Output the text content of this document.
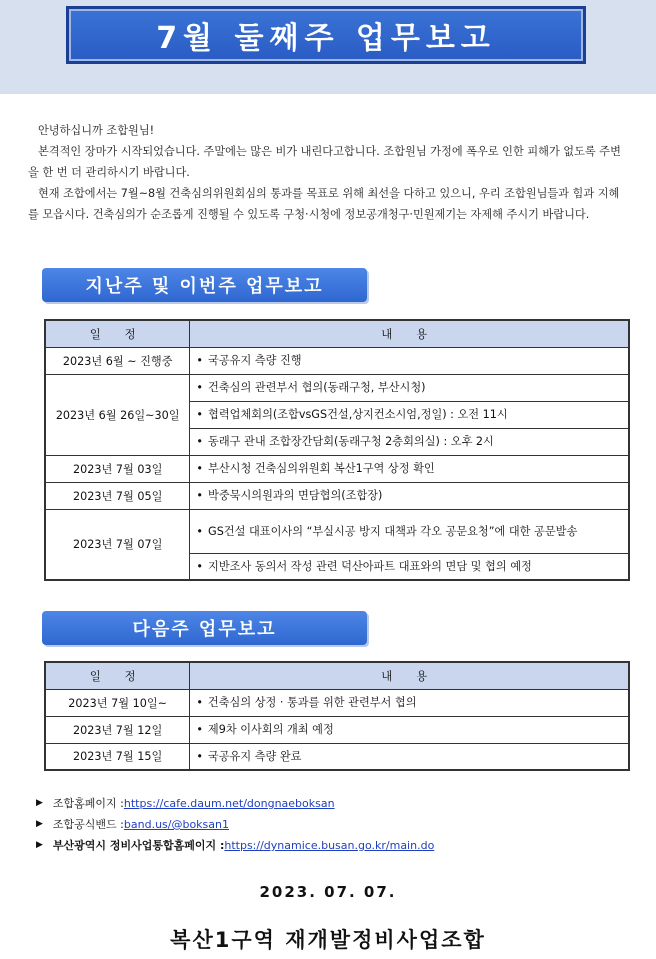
7월 둘째주 업무보고

안녕하십니까 조합원님!

본격적인 장마가 시작되었습니다. 주말에는 많은 비가 내린다고합니다. 조합원님 가정에 폭우로 인한 피해가 없도록 주변을 한 번 더 관리하시기 바랍니다.

현재 조합에서는 7월~8월 건축심의위원회심의 통과를 목표로 위해 최선을 다하고 있으니, 우리 조합원님들과 힘과 지혜를 모읍시다. 건축심의가 순조롭게 진행될 수 있도록 구청·시청에 정보공개청구·민원제기는 자제해 주시기 바랍니다.

지난주 및 이번주 업무보고
일 정	내 용
2023년 6월 ~ 진행중	• 국공유지 측량 진행
2023년 6월 26일~30일	• 건축심의 관련부서 협의(동래구청, 부산시청)
	• 협력업체회의(조합vsGS건설,상지컨소시엄,정일) : 오전 11시
	• 동래구 관내 조합장간담회(동래구청 2층회의실) : 오후 2시
2023년 7월 03일	• 부산시청 건축심의위원회 복산1구역 상정 확인
2023년 7월 05일	• 박중묵시의원과의 면담협의(조합장)
2023년 7월 07일	• GS건설 대표이사의 “부실시공 방지 대책과 각오 공문요청”에 대한 공문발송
	• 지반조사 동의서 작성 관련 덕산아파트 대표와의 면담 및 협의 예정
다음주 업무보고
일 정	내 용
2023년 7월 10일~	• 건축심의 상정 · 통과를 위한 관련부서 협의
2023년 7월 12일	• 제9차 이사회의 개최 예정
2023년 7월 15일	• 국공유지 측량 완료
▶ 조합홈페이지 : https://cafe.daum.net/dongnaeboksan
▶ 조합공식밴드 : band.us/@boksan1
▶ 부산광역시 정비사업통합홈페이지 : https://dynamice.busan.go.kr/main.do
2023. 07. 07.
복산1구역 재개발정비사업조합
